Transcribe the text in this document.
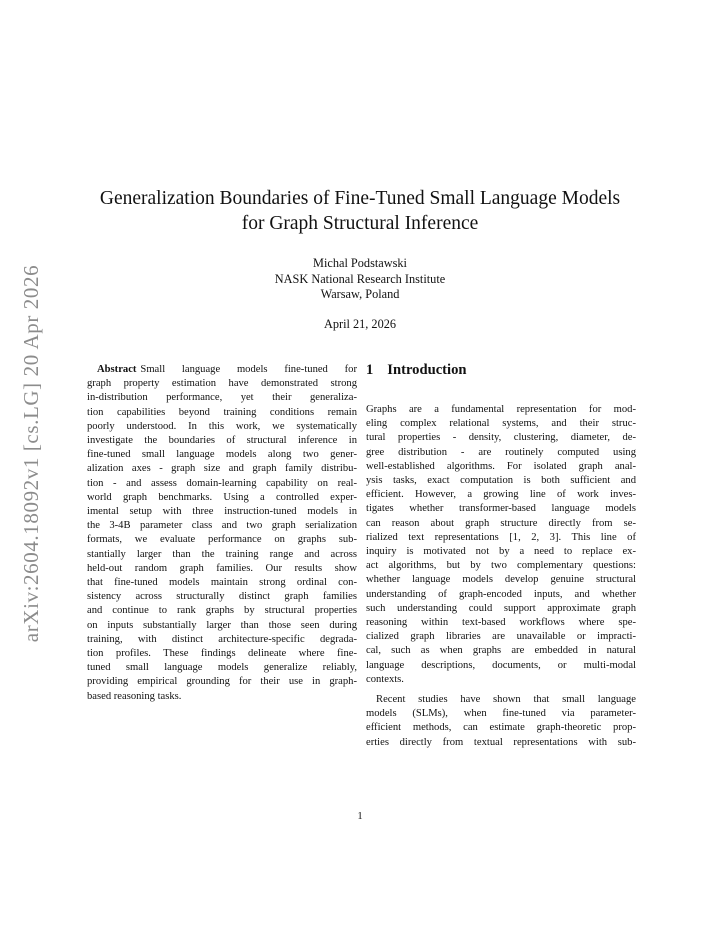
arXiv:2604.18092v1 [cs.LG] 20 Apr 2026
Generalization Boundaries of Fine-Tuned Small Language Models
for Graph Structural Inference
Michal Podstawski
NASK National Research Institute
Warsaw, Poland
April 21, 2026
Abstract Small language models fine-tuned for
graph property estimation have demonstrated strong
in-distribution performance, yet their generaliza-
tion capabilities beyond training conditions remain
poorly understood. In this work, we systematically
investigate the boundaries of structural inference in
fine-tuned small language models along two gener-
alization axes - graph size and graph family distribu-
tion - and assess domain-learning capability on real-
world graph benchmarks. Using a controlled exper-
imental setup with three instruction-tuned models in
the 3-4B parameter class and two graph serialization
formats, we evaluate performance on graphs sub-
stantially larger than the training range and across
held-out random graph families. Our results show
that fine-tuned models maintain strong ordinal con-
sistency across structurally distinct graph families
and continue to rank graphs by structural properties
on inputs substantially larger than those seen during
training, with distinct architecture-specific degrada-
tion profiles. These findings delineate where fine-
tuned small language models generalize reliably,
providing empirical grounding for their use in graph-
based reasoning tasks.
1 Introduction
Graphs are a fundamental representation for mod-
eling complex relational systems, and their struc-
tural properties - density, clustering, diameter, de-
gree distribution - are routinely computed using
well-established algorithms. For isolated graph anal-
ysis tasks, exact computation is both sufficient and
efficient. However, a growing line of work inves-
tigates whether transformer-based language models
can reason about graph structure directly from se-
rialized text representations [1, 2, 3]. This line of
inquiry is motivated not by a need to replace ex-
act algorithms, but by two complementary questions:
whether language models develop genuine structural
understanding of graph-encoded inputs, and whether
such understanding could support approximate graph
reasoning within text-based workflows where spe-
cialized graph libraries are unavailable or impracti-
cal, such as when graphs are embedded in natural
language descriptions, documents, or multi-modal
contexts.
Recent studies have shown that small language
models (SLMs), when fine-tuned via parameter-
efficient methods, can estimate graph-theoretic prop-
erties directly from textual representations with sub-
1
